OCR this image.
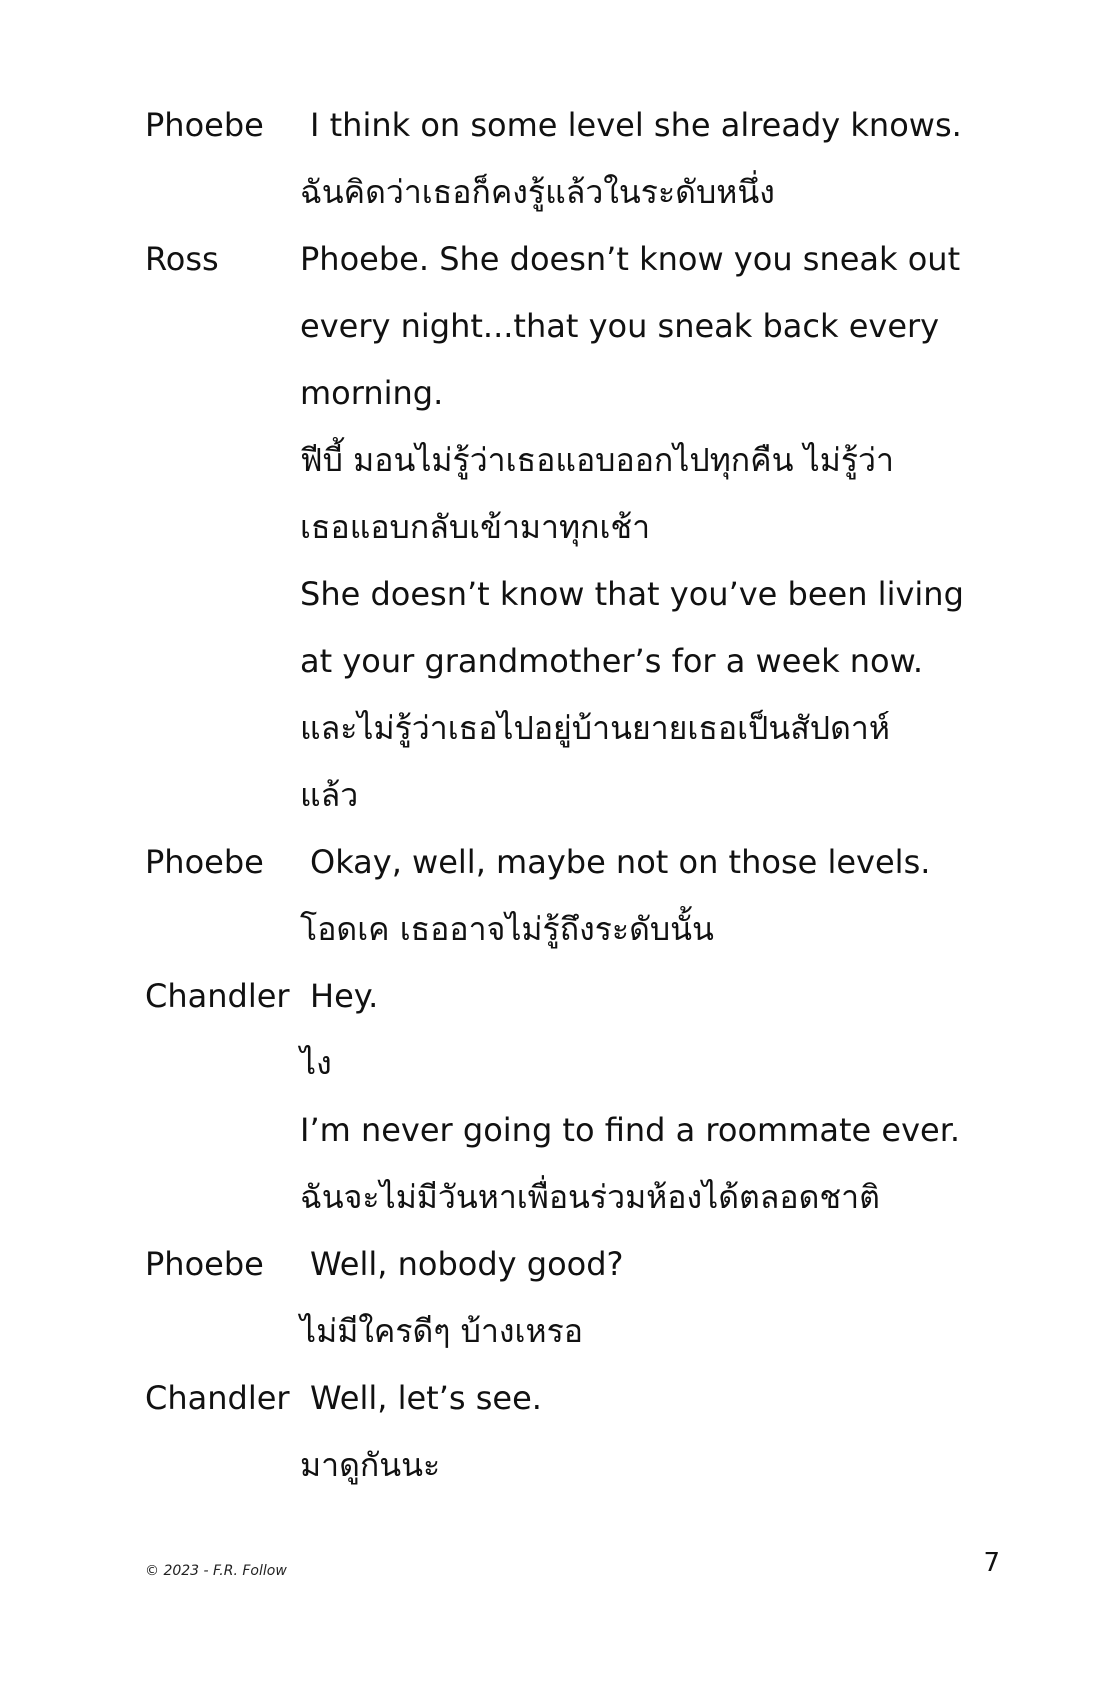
Phoebe	I think on some level she already knows.
ฉันคิดว่าเธอก็คงรู้แล้วในระดับหนึ่ง
Ross	Phoebe. She doesn’t know you sneak out
every night...that you sneak back every
morning.
ฟีบี้ มอนไม่รู้ว่าเธอแอบออกไปทุกคืน ไม่รู้ว่า
เธอแอบกลับเข้ามาทุกเช้า
She doesn’t know that you’ve been living
at your grandmother’s for a week now.
และไม่รู้ว่าเธอไปอยู่บ้านยายเธอเป็นสัปดาห์
แล้ว
Phoebe	Okay, well, maybe not on those levels.
โอดเค เธออาจไม่รู้ถึงระดับนั้น
Chandler Hey.
ไง
I’m never going to find a roommate ever.
ฉันจะไม่มีวันหาเพื่อนร่วมห้องได้ตลอดชาติ
Phoebe	Well, nobody good?
ไม่มีใครดีๆ บ้างเหรอ
Chandler Well, let’s see.
มาดูกันนะ
© 2023 - F.R. Follow	7
